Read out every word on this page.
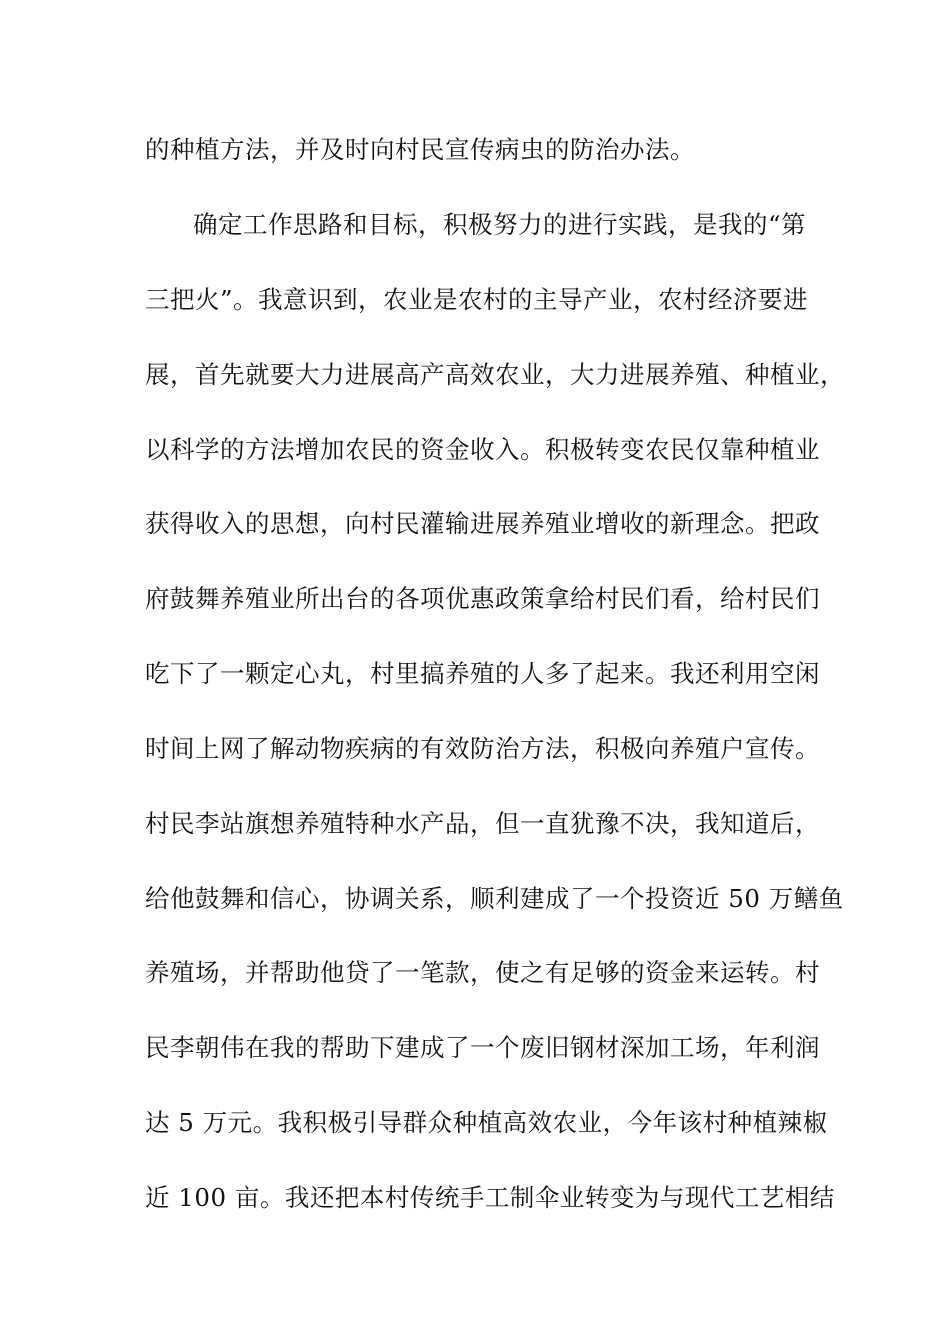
的种植方法，并及时向村民宣传病虫的防治办法。
确定工作思路和目标，积极努力的进行实践，是我的“第
三把火”。我意识到，农业是农村的主导产业，农村经济要进
展，首先就要大力进展高产高效农业，大力进展养殖、种植业，
以科学的方法增加农民的资金收入。积极转变农民仅靠种植业
获得收入的思想，向村民灌输进展养殖业增收的新理念。把政
府鼓舞养殖业所出台的各项优惠政策拿给村民们看，给村民们
吃下了一颗定心丸，村里搞养殖的人多了起来。我还利用空闲
时间上网了解动物疾病的有效防治方法，积极向养殖户宣传。
村民李站旗想养殖特种水产品，但一直犹豫不决，我知道后，
给他鼓舞和信心，协调关系，顺利建成了一个投资近 50 万鳝鱼
养殖场，并帮助他贷了一笔款，使之有足够的资金来运转。村
民李朝伟在我的帮助下建成了一个废旧钢材深加工场，年利润
达 5 万元。我积极引导群众种植高效农业，今年该村种植辣椒
近 100 亩。我还把本村传统手工制伞业转变为与现代工艺相结
